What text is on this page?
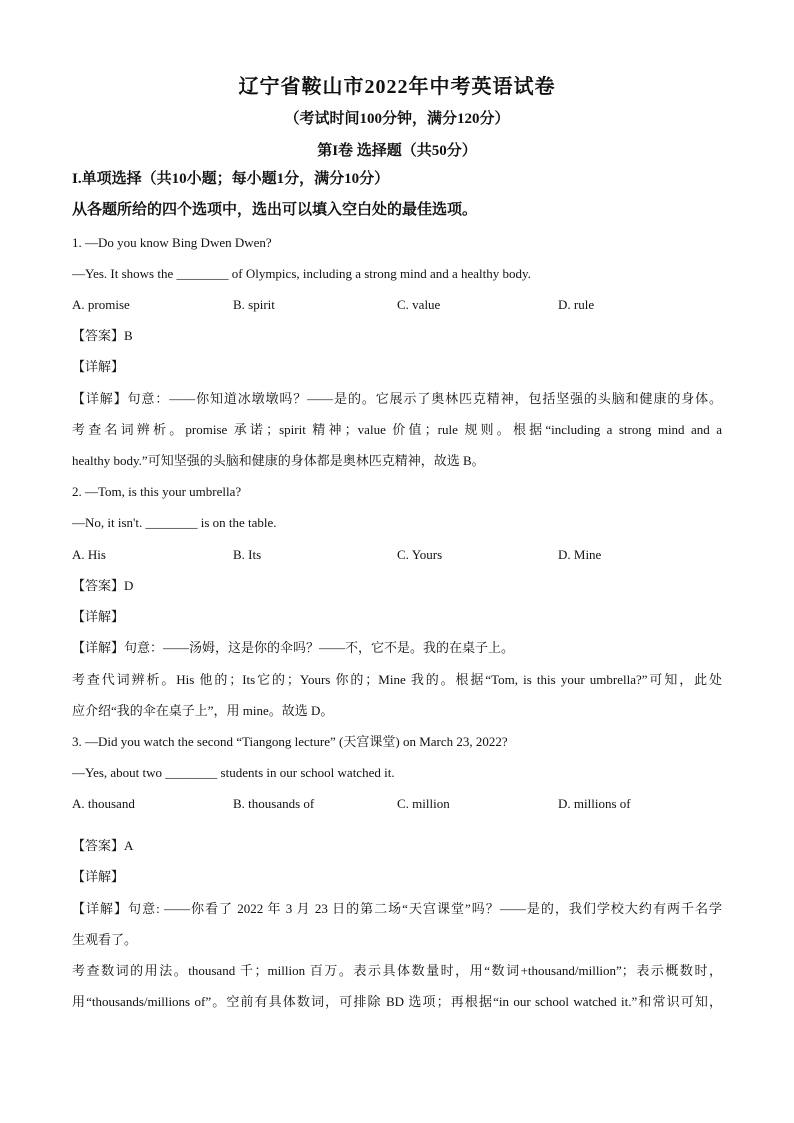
辽宁省鞍山市2022年中考英语试卷
（考试时间100分钟，满分120分）
第I卷 选择题（共50分）
I.单项选择（共10小题；每小题1分，满分10分）
从各题所给的四个选项中，选出可以填入空白处的最佳选项。
1. —Do you know Bing Dwen Dwen?
—Yes. It shows the ________ of Olympics, including a strong mind and a healthy body.
A. promise	B. spirit	C. value	D. rule
【答案】B
【详解】
【详解】句意：——你知道冰墩墩吗？——是的。它展示了奥林匹克精神，包括坚强的头脑和健康的身体。
考查名词辨析。promise 承诺；spirit 精神；value 价值；rule 规则。根据“including a strong mind and a
healthy body.”可知坚强的头脑和健康的身体都是奥林匹克精神，故选 B。
2. —Tom, is this your umbrella?
—No, it isn't. ________ is on the table.
A. His	B. Its	C. Yours	D. Mine
【答案】D
【详解】
【详解】句意：——汤姆，这是你的伞吗？——不，它不是。我的在桌子上。
考查代词辨析。His 他的；Its它的；Yours 你的；Mine 我的。根据“Tom, is this your umbrella?”可知，此处
应介绍“我的伞在桌子上”，用 mine。故选 D。
3. —Did you watch the second “Tiangong lecture” (天宫课堂) on March 23, 2022?
—Yes, about two ________ students in our school watched it.
A. thousand	B. thousands of	C. million	D. millions of
【答案】A
【详解】
【详解】句意: ——你看了 2022 年 3 月 23 日的第二场“天宫课堂”吗？——是的，我们学校大约有两千名学
生观看了。
考查数词的用法。thousand 千；million 百万。表示具体数量时，用“数词+thousand/million”；表示概数时，
用“thousands/millions of”。空前有具体数词，可排除 BD 选项；再根据“in our school watched it.”和常识可知，
